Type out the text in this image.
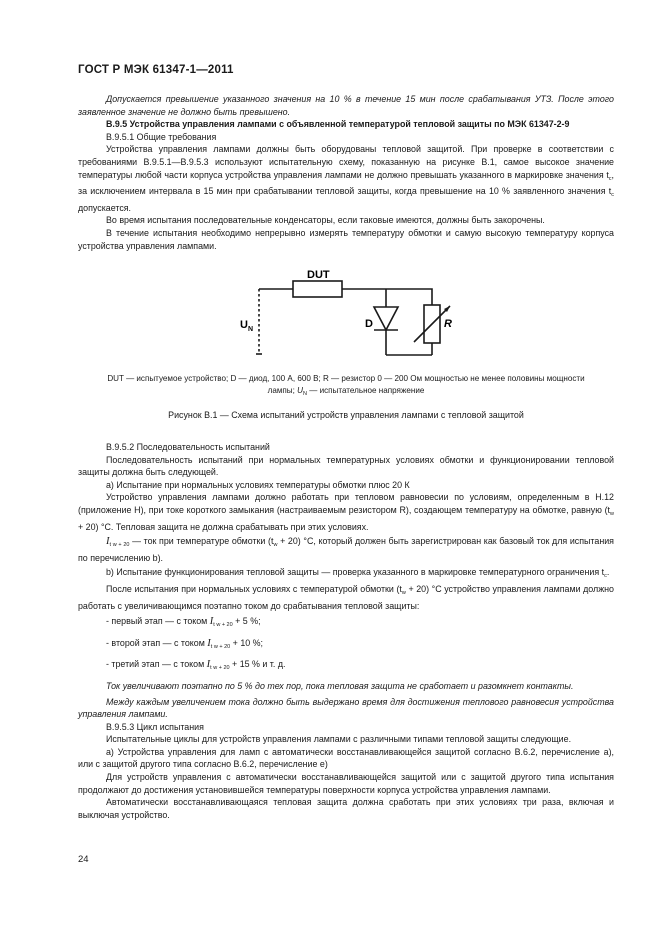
ГОСТ Р МЭК 61347-1—2011

Допускается превышение указанного значения на 10 % в течение 15 мин после срабатывания УТЗ. После этого заявленное значение не должно быть превышено.

В.9.5 Устройства управления лампами с объявленной температурой тепловой защиты по МЭК 61347-2-9

В.9.5.1 Общие требования

Устройства управления лампами должны быть оборудованы тепловой защитой. При проверке в соответствии с требованиями В.9.5.1—В.9.5.3 используют испытательную схему, показанную на рисунке В.1, самое высокое значение температуры любой части корпуса устройства управления лампами не должно превышать указанного в маркировке значения $t_c$, за исключением интервала в 15 мин при срабатывании тепловой защиты, когда превышение на 10 % заявленного значения $t_c$ допускается.

Во время испытания последовательные конденсаторы, если таковые имеются, должны быть закорочены.

В течение испытания необходимо непрерывно измерять температуру обмотки и самую высокую температуру корпуса устройства управления лампами.

DUT
$U_N$	D	R
DUT — испытуемое устройство; D — диод, 100 А, 600 В; R — резистор 0 — 200 Ом мощностью не менее половины мощности
лампы; $U_N$ — испытательное напряжение
Рисунок В.1 — Схема испытаний устройств управления лампами с тепловой защитой

В.9.5.2 Последовательность испытаний

Последовательность испытаний при нормальных температурных условиях обмотки и функционировании тепловой защиты должна быть следующей.

а) Испытание при нормальных условиях температуры обмотки плюс 20 К

Устройство управления лампами должно работать при тепловом равновесии по условиям, определенным в Н.12 (приложение Н), при токе короткого замыкания (настраиваемым резистором R), создающем температуру на обмотке, равную $(t_w + 20)$ °С. Тепловая защита не должна срабатывать при этих условиях.

$I_{t w + 20}$ — ток при температуре обмотки $(t_w + 20)$ °С, который должен быть зарегистрирован как базовый ток для испытания по перечислению b).

b) Испытание функционирования тепловой защиты — проверка указанного в маркировке температурного ограничения $t_c$.

После испытания при нормальных условиях с температурой обмотки $(t_w + 20)$ °С устройство управления лампами должно работать с увеличивающимся поэтапно током до срабатывания тепловой защиты:

- первый этап — с током $I_{t w + 20} + 5$ %;

- второй этап — с током $I_{t w + 20} + 10$ %;

- третий этап — с током $I_{t w + 20} + 15$ % и т. д.

Ток увеличивают поэтапно по 5 % до тех пор, пока тепловая защита не сработает и разомкнет контакты.

Между каждым увеличением тока должно быть выдержано время для достижения теплового равновесия устройства управления лампами.

В.9.5.3 Цикл испытания

Испытательные циклы для устройств управления лампами с различными типами тепловой защиты следующие.

а) Устройства управления для ламп с автоматически восстанавливающейся защитой согласно В.6.2, перечисление а), или с защитой другого типа согласно В.6.2, перечисление е)

Для устройств управления с автоматически восстанавливающейся защитой или с защитой другого типа испытания продолжают до достижения установившейся температуры поверхности корпуса устройства управления лампами.

Автоматически восстанавливающаяся тепловая защита должна сработать при этих условиях три раза, включая и выключая устройство.

24
